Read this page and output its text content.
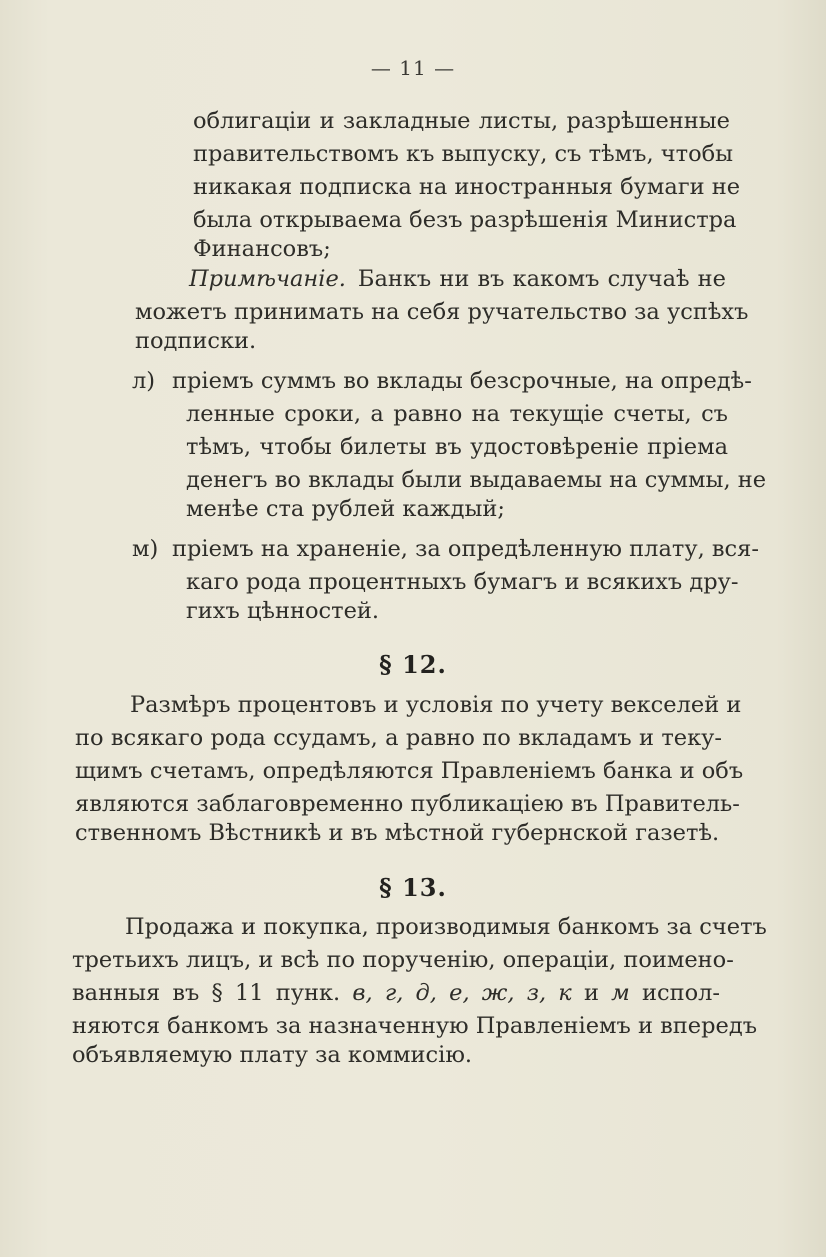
— 11 —
облигаціи и закладные листы, разрѣшенные
правительствомъ къ выпуску, съ тѣмъ, чтобы
никакая подписка на иностранныя бумаги не
была открываема безъ разрѣшенія Министра
Финансовъ;
Примѣчаніе. Банкъ ни въ какомъ случаѣ не
можетъ принимать на себя ручательство за успѣхъ
подписки.
л) пріемъ суммъ во вклады безсрочные, на опредѣ-
ленные сроки, а равно на текущіе счеты, съ
тѣмъ, чтобы билеты въ удостовѣреніе пріема
денегъ во вклады были выдаваемы на суммы, не
менѣе ста рублей каждый;
м) пріемъ на храненіе, за опредѣленную плату, вся-
каго рода процентныхъ бумагъ и всякихъ дру-
гихъ цѣнностей.
§ 12.
Размѣръ процентовъ и условія по учету векселей и
по всякаго рода ссудамъ, а равно по вкладамъ и теку-
щимъ счетамъ, опредѣляются Правленіемъ банка и объ
являются заблаговременно публикаціею въ Правитель-
ственномъ Вѣстникѣ и въ мѣстной губернской газетѣ.
§ 13.
Продажа и покупка, производимыя банкомъ за счетъ
третьихъ лицъ, и всѣ по порученію, операціи, поимено-
ванныя въ § 11 пунк. в, г, д, е, ж, з, к и м испол-
няются банкомъ за назначенную Правленіемъ и впередъ
объявляемую плату за коммисію.
